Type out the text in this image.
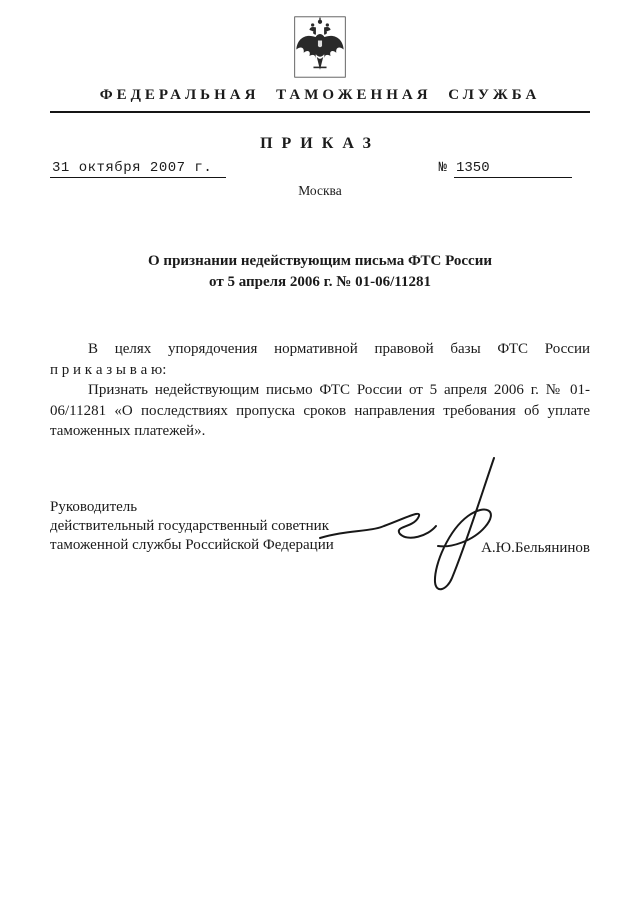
ФЕДЕРАЛЬНАЯ ТАМОЖЕННАЯ СЛУЖБА
ПРИКАЗ
31 октября 2007 г.	№ 1350
Москва
О признании недействующим письма ФТС России
от 5 апреля 2006 г. № 01-06/11281
В целях упорядочения нормативной правовой базы ФТС России
п р и к а з ы в а ю:

Признать недействующим письмо ФТС России от 5 апреля 2006 г. № 01-06/11281 «О последствиях пропуска сроков направления требования об уплате таможенных платежей».

Руководитель
действительный государственный советник
таможенной службы Российской Федерации	А.Ю.Бельянинов
